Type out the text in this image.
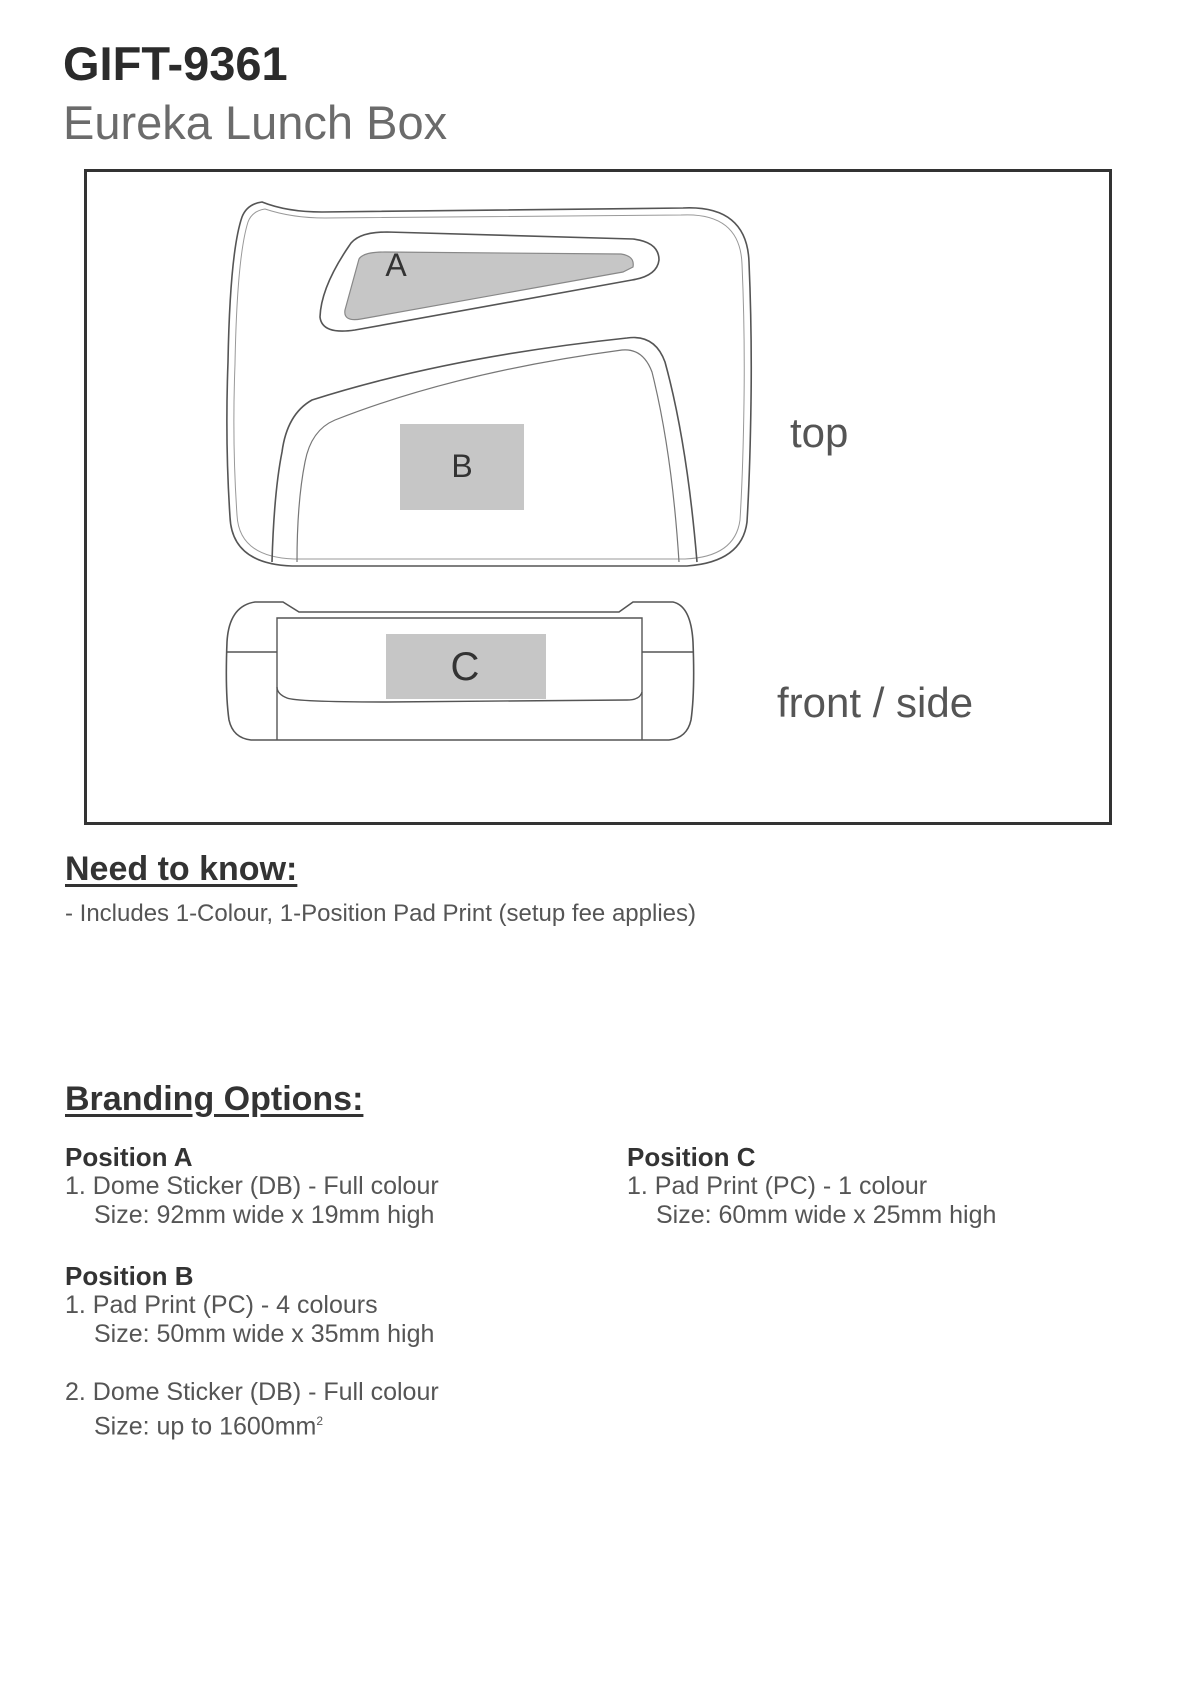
GIFT-9361
Eureka Lunch Box
A
B
C
top
front / side
Need to know:
- Includes 1-Colour, 1-Position Pad Print (setup fee applies)
Branding Options:
Position A
1. Dome Sticker (DB) - Full colour
Size: 92mm wide x 19mm high
Position B
1. Pad Print (PC) - 4 colours
Size: 50mm wide x 35mm high
2. Dome Sticker (DB) - Full colour
Size: up to $1600mm^2$
Position C
1. Pad Print (PC) - 1 colour
Size: 60mm wide x 25mm high
